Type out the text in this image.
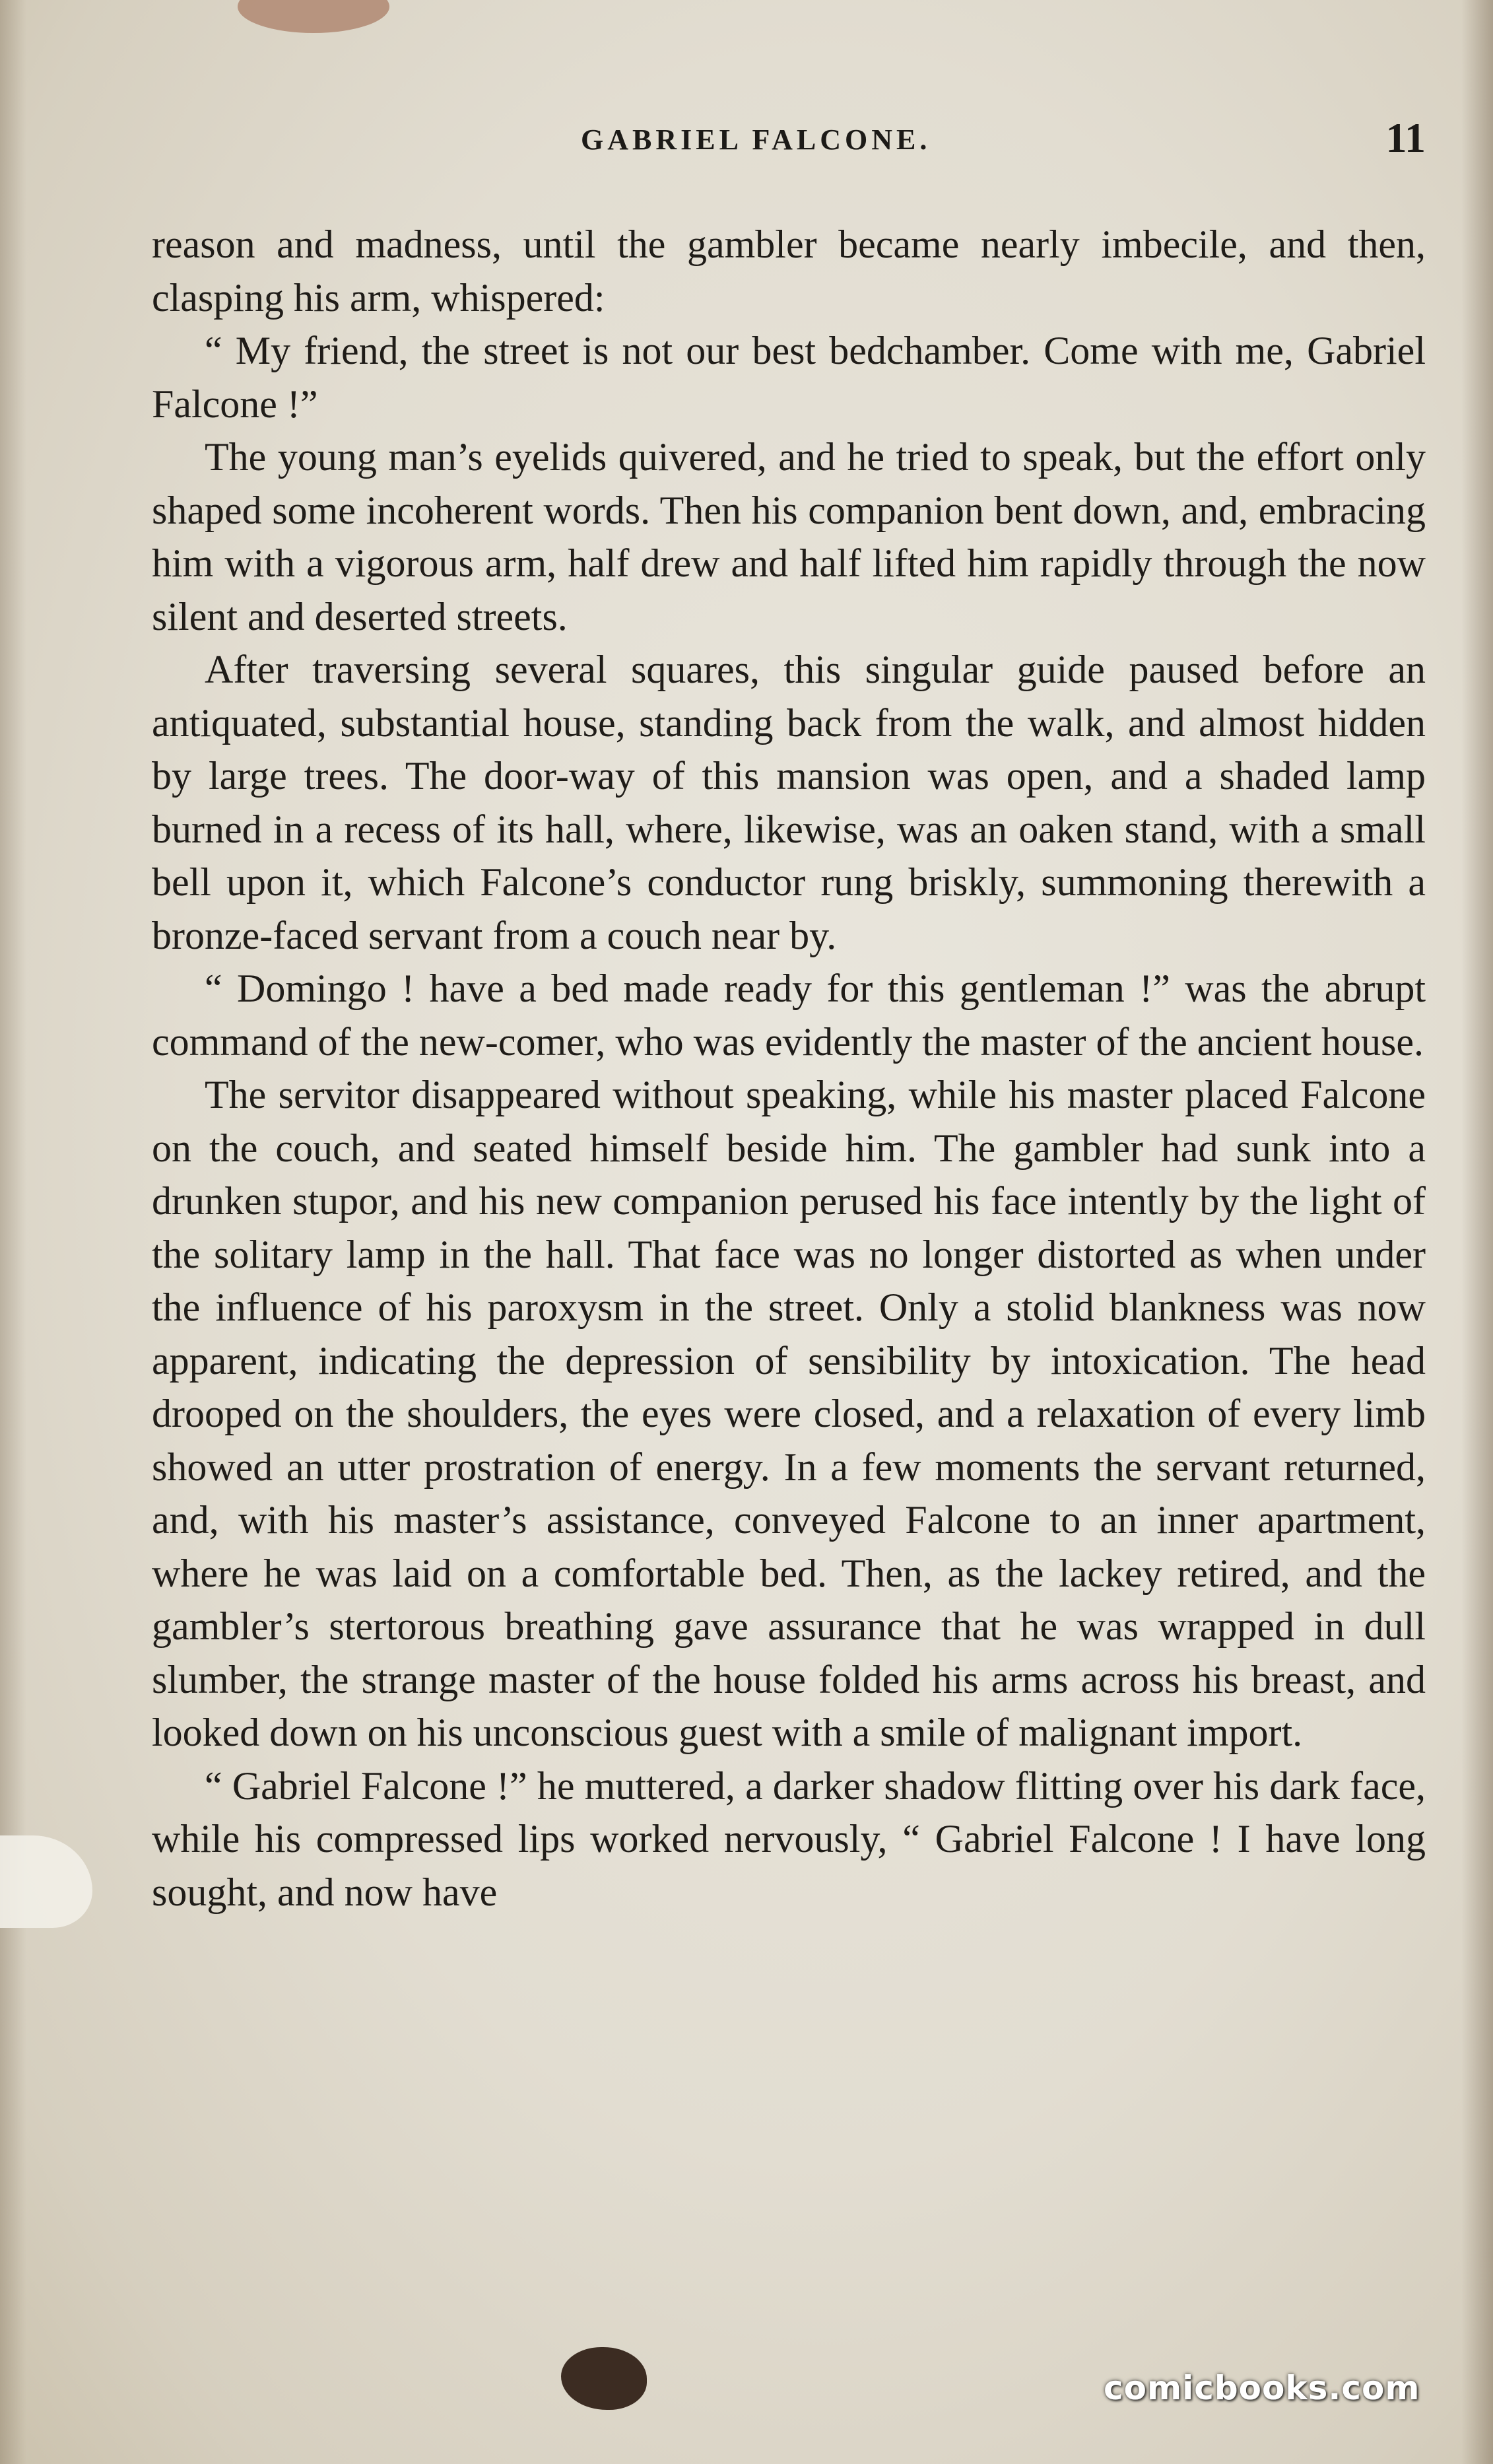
GABRIEL FALCONE.	11

reason and madness, until the gambler became nearly imbecile, and then, clasping his arm, whispered:

“ My friend, the street is not our best bedchamber. Come with me, Gabriel Falcone !”

The young man’s eyelids quivered, and he tried to speak, but the effort only shaped some incoherent words. Then his companion bent down, and, embracing him with a vigorous arm, half drew and half lifted him rapidly through the now silent and deserted streets.

After traversing several squares, this singular guide paused before an antiquated, substantial house, standing back from the walk, and almost hidden by large trees. The door-way of this mansion was open, and a shaded lamp burned in a recess of its hall, where, likewise, was an oaken stand, with a small bell upon it, which Falcone’s conductor rung briskly, summoning therewith a bronze-faced servant from a couch near by.

“ Domingo ! have a bed made ready for this gentleman !” was the abrupt command of the new-comer, who was evidently the master of the ancient house.

The servitor disappeared without speaking, while his master placed Falcone on the couch, and seated himself beside him. The gambler had sunk into a drunken stupor, and his new companion perused his face intently by the light of the solitary lamp in the hall. That face was no longer distorted as when under the influence of his paroxysm in the street. Only a stolid blankness was now apparent, indicating the depression of sensibility by intoxication. The head drooped on the shoulders, the eyes were closed, and a relaxation of every limb showed an utter prostration of energy. In a few moments the servant returned, and, with his master’s assistance, conveyed Falcone to an inner apartment, where he was laid on a comfortable bed. Then, as the lackey retired, and the gambler’s stertorous breathing gave assurance that he was wrapped in dull slumber, the strange master of the house folded his arms across his breast, and looked down on his unconscious guest with a smile of malignant import.

“ Gabriel Falcone !” he muttered, a darker shadow flitting over his dark face, while his compressed lips worked nervously, “ Gabriel Falcone ! I have long sought, and now have

comicbooks.com
